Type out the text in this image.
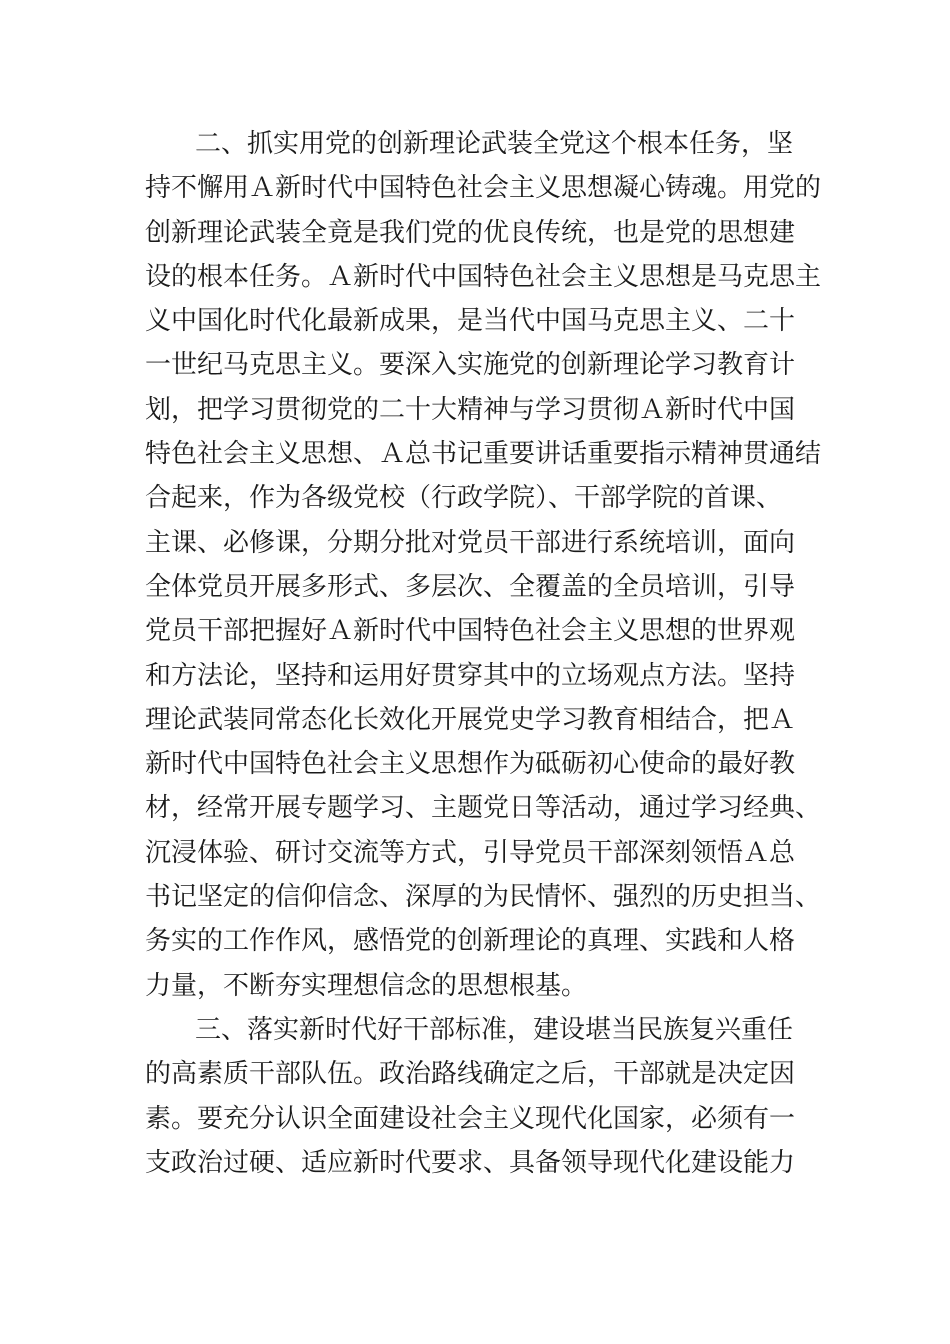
二、抓实用党的创新理论武装全党这个根本任务，坚
持不懈用Ａ新时代中国特色社会主义思想凝心铸魂。用党的
创新理论武装全竟是我们党的优良传统，也是党的思想建
设的根本任务。Ａ新时代中国特色社会主义思想是马克思主
义中国化时代化最新成果，是当代中国马克思主义、二十
一世纪马克思主义。要深入实施党的创新理论学习教育计
划，把学习贯彻党的二十大精神与学习贯彻Ａ新时代中国
特色社会主义思想、Ａ总书记重要讲话重要指示精神贯通结
合起来，作为各级党校（行政学院）、干部学院的首课、
主课、必修课，分期分批对党员干部进行系统培训，面向
全体党员开展多形式、多层次、全覆盖的全员培训，引导
党员干部把握好Ａ新时代中国特色社会主义思想的世界观
和方法论，坚持和运用好贯穿其中的立场观点方法。坚持
理论武装同常态化长效化开展党史学习教育相结合，把Ａ
新时代中国特色社会主义思想作为砥砺初心使命的最好教
材，经常开展专题学习、主题党日等活动，通过学习经典、
沉浸体验、研讨交流等方式，引导党员干部深刻领悟Ａ总
书记坚定的信仰信念、深厚的为民情怀、强烈的历史担当、
务实的工作作风，感悟党的创新理论的真理、实践和人格
力量，不断夯实理想信念的思想根基。
三、落实新时代好干部标准，建设堪当民族复兴重任
的高素质干部队伍。政治路线确定之后，干部就是决定因
素。要充分认识全面建设社会主义现代化国家，必须有一
支政治过硬、适应新时代要求、具备领导现代化建设能力
